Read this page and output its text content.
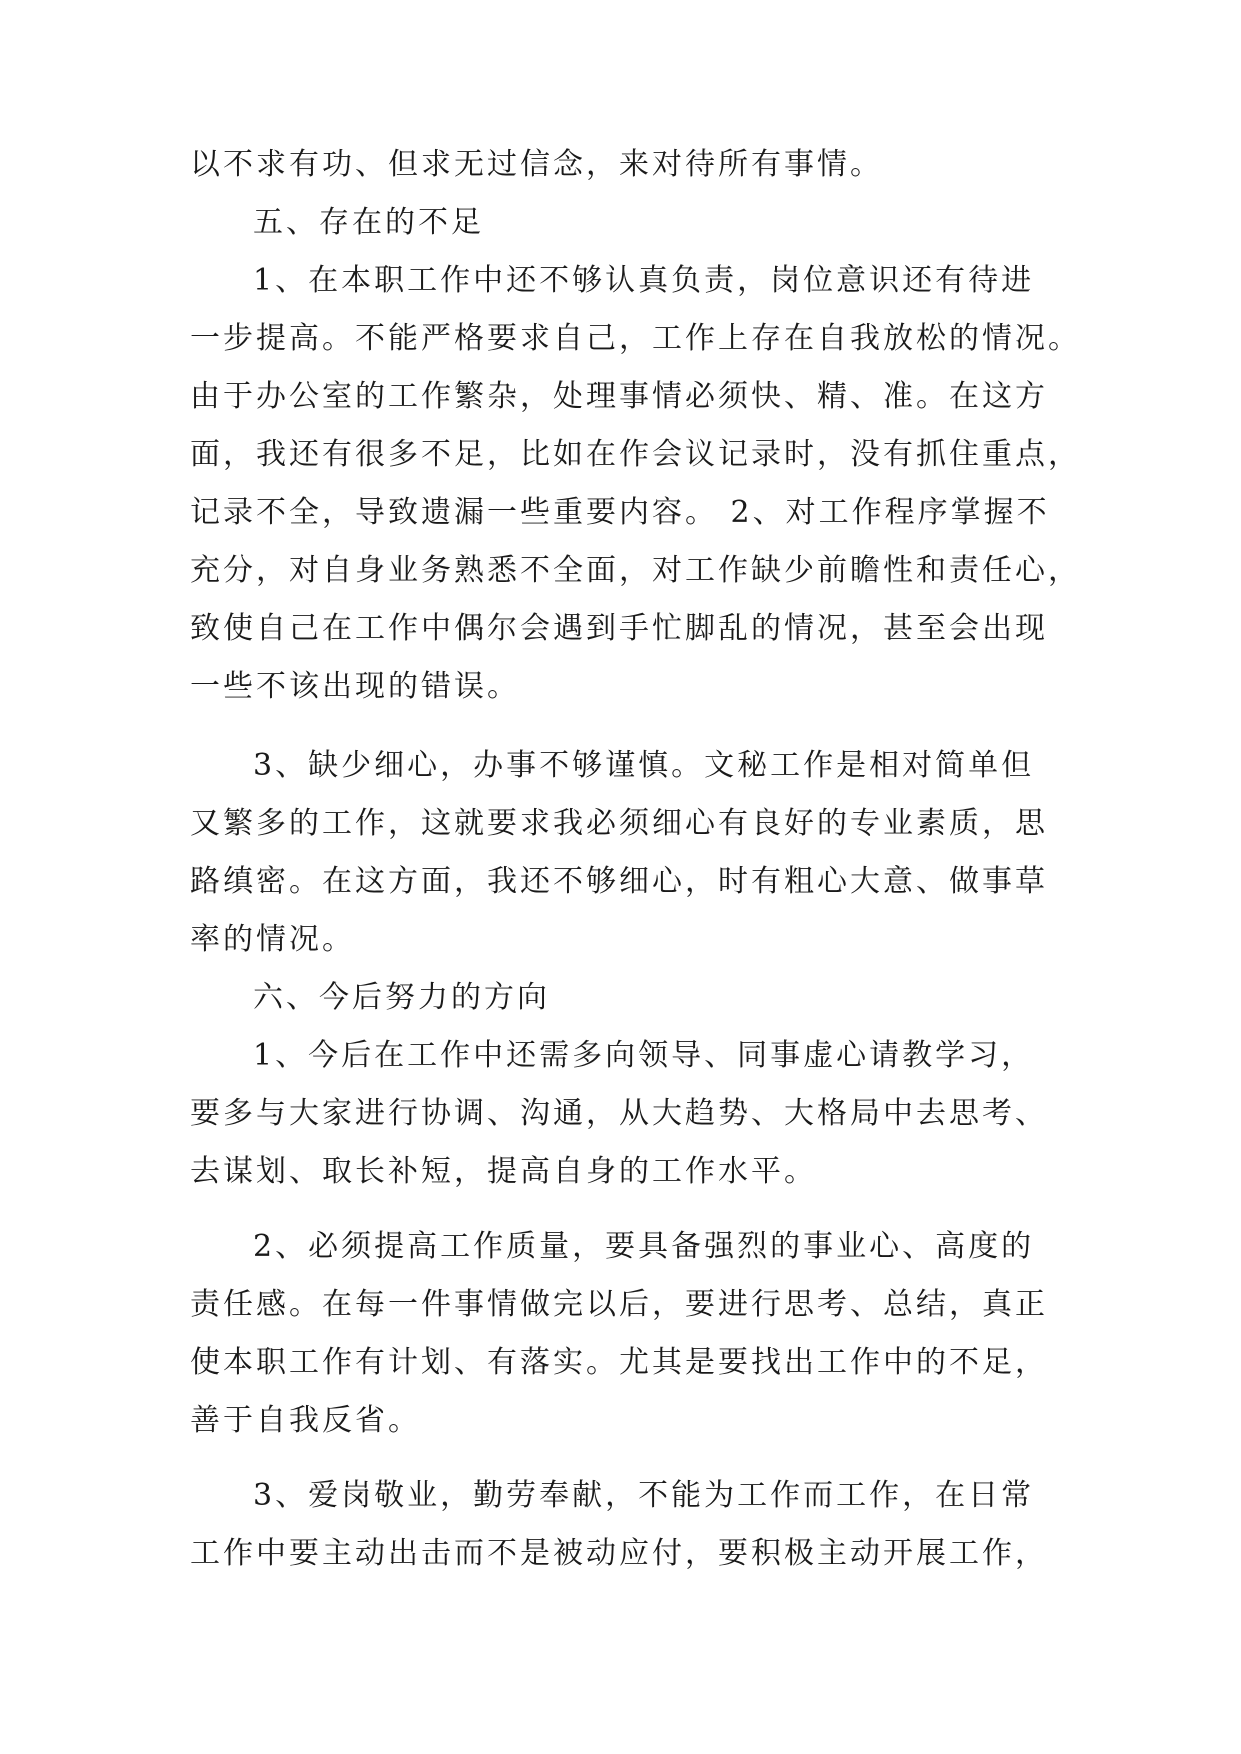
以不求有功、但求无过信念，来对待所有事情。
五、存在的不足
1、在本职工作中还不够认真负责，岗位意识还有待进
一步提高。不能严格要求自己，工作上存在自我放松的情况。
由于办公室的工作繁杂，处理事情必须快、精、准。在这方
面，我还有很多不足，比如在作会议记录时，没有抓住重点，
记录不全，导致遗漏一些重要内容。 2、对工作程序掌握不
充分，对自身业务熟悉不全面，对工作缺少前瞻性和责任心，
致使自己在工作中偶尔会遇到手忙脚乱的情况，甚至会出现
一些不该出现的错误。
3、缺少细心，办事不够谨慎。文秘工作是相对简单但
又繁多的工作，这就要求我必须细心有良好的专业素质，思
路缜密。在这方面，我还不够细心，时有粗心大意、做事草
率的情况。
六、今后努力的方向
1、今后在工作中还需多向领导、同事虚心请教学习，
要多与大家进行协调、沟通，从大趋势、大格局中去思考、
去谋划、取长补短，提高自身的工作水平。
2、必须提高工作质量，要具备强烈的事业心、高度的
责任感。在每一件事情做完以后，要进行思考、总结，真正
使本职工作有计划、有落实。尤其是要找出工作中的不足，
善于自我反省。
3、爱岗敬业，勤劳奉献，不能为工作而工作，在日常
工作中要主动出击而不是被动应付，要积极主动开展工作，
